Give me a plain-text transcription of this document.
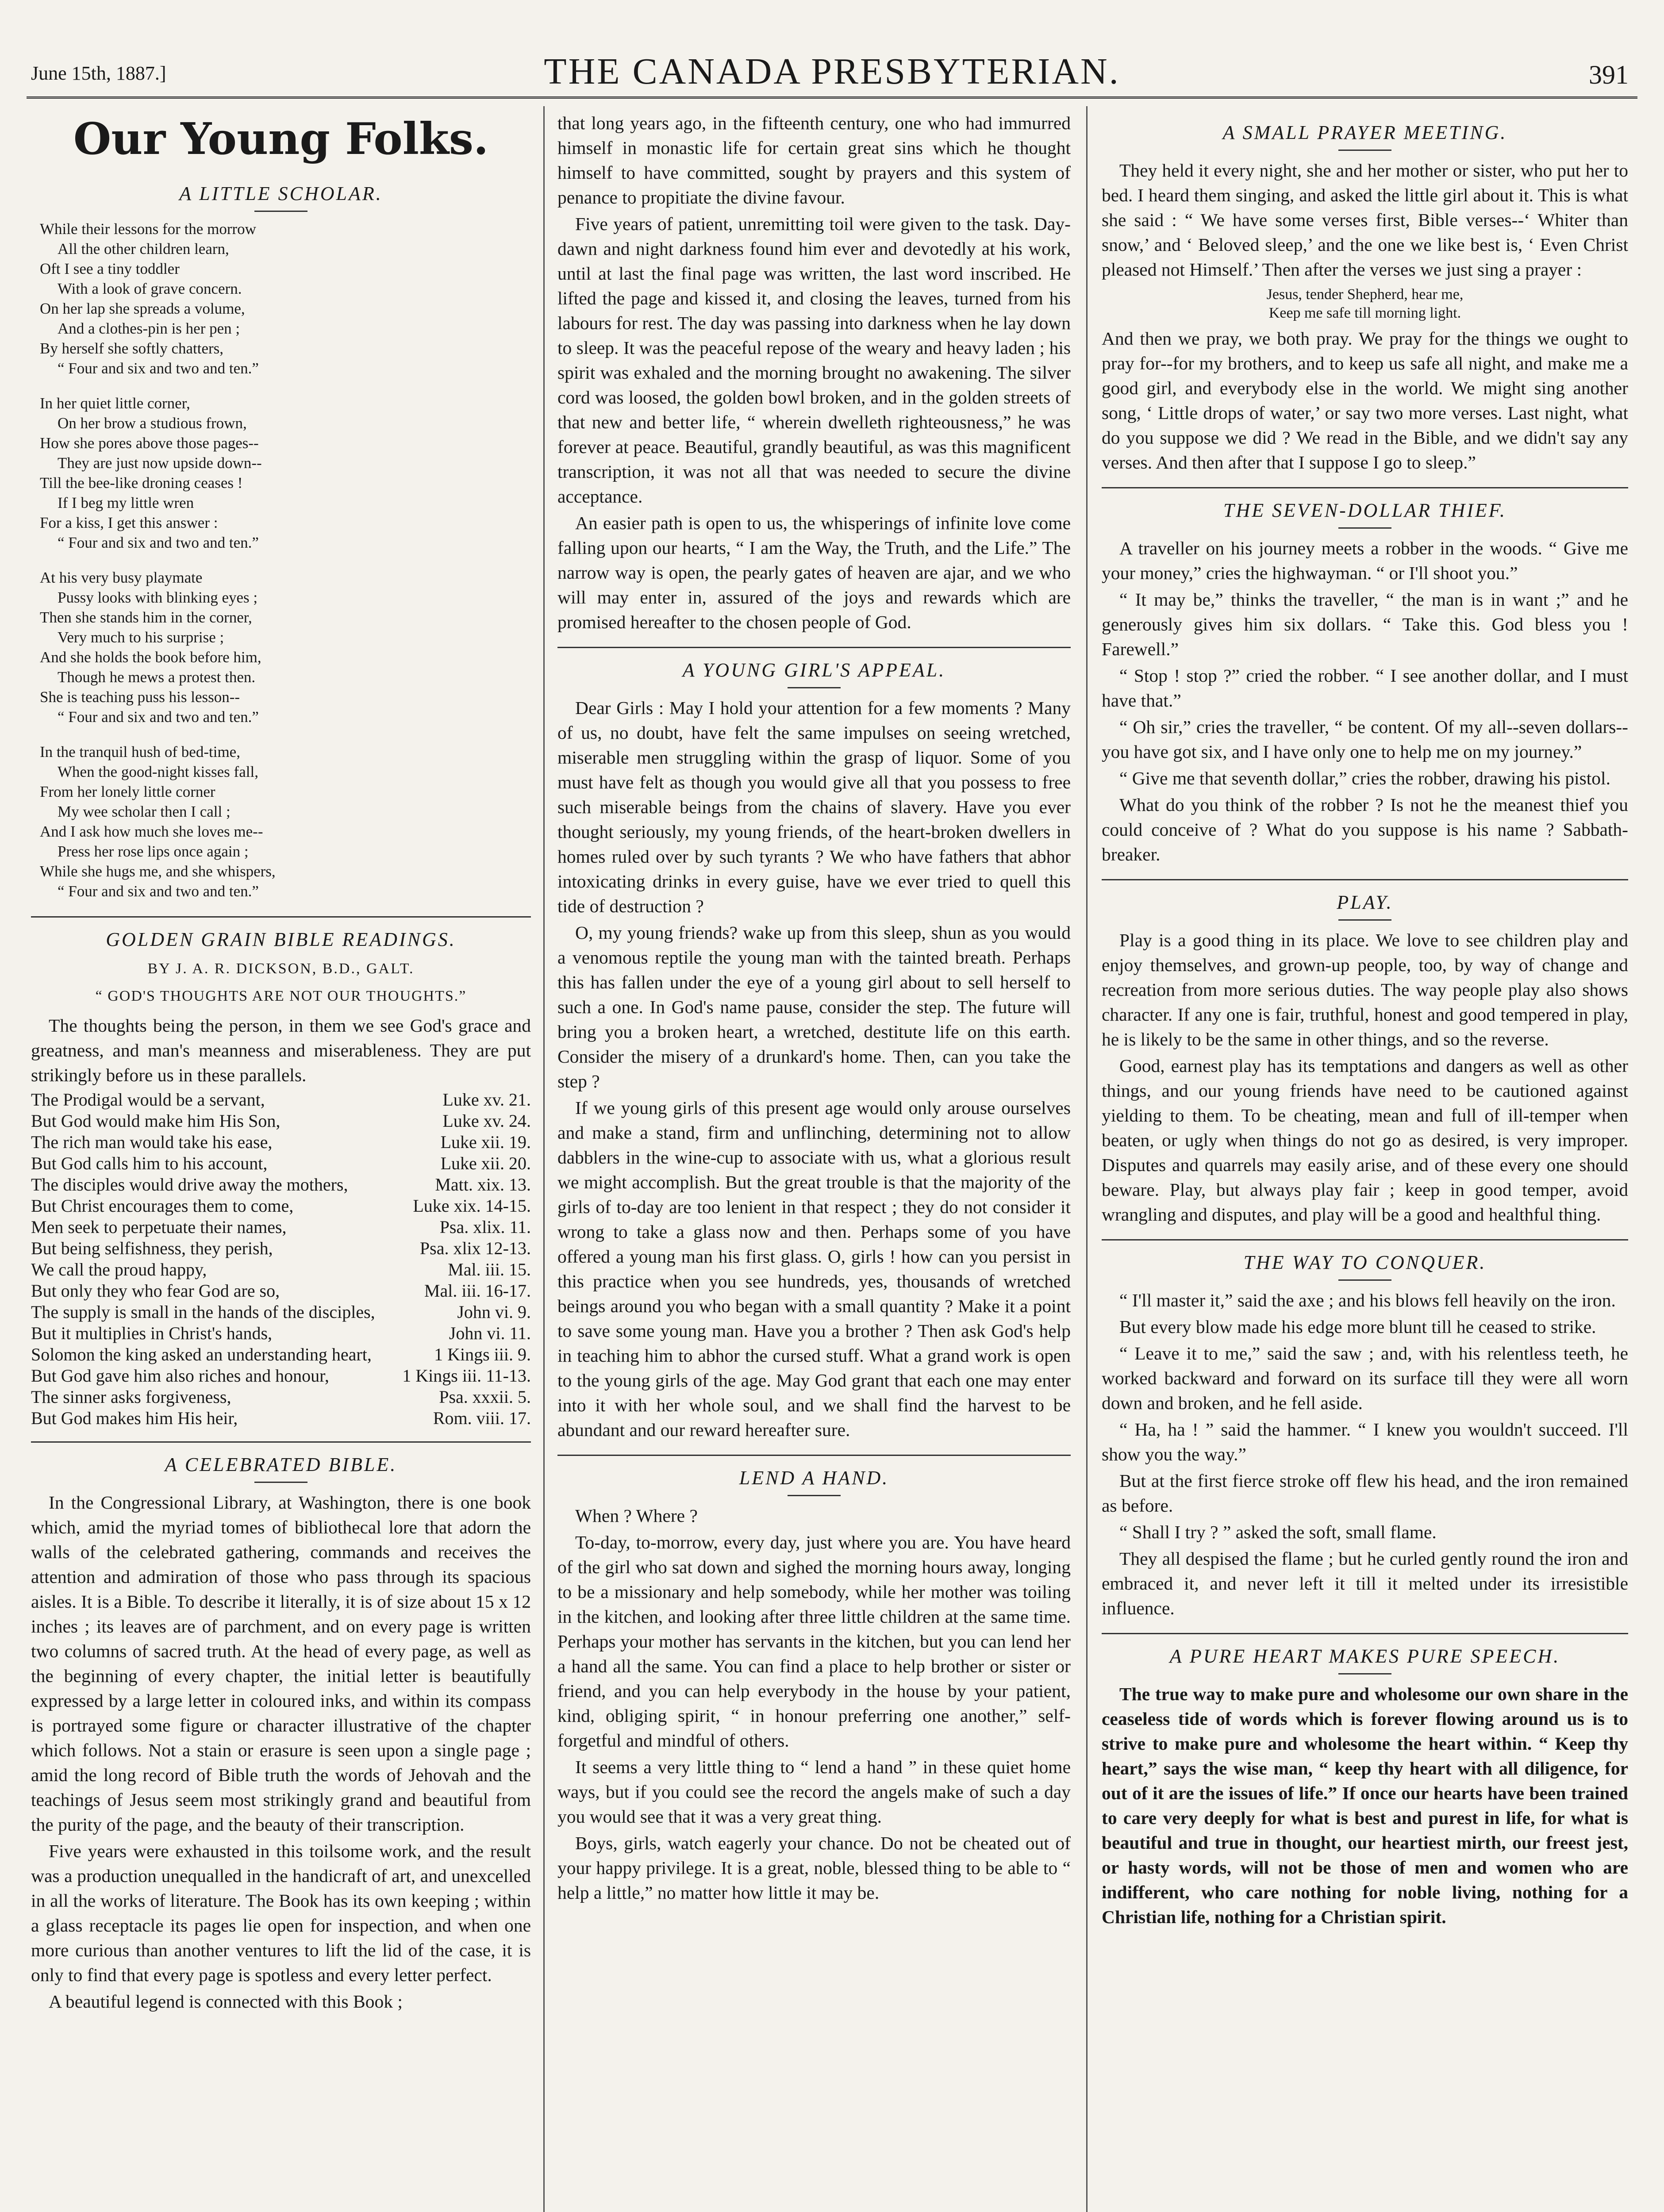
June 15th, 1887.]	THE CANADA PRESBYTERIAN.	391
Our Young Folks.
A LITTLE SCHOLAR.
While their lessons for the morrow
All the other children learn,
Oft I see a tiny toddler
With a look of grave concern.
On her lap she spreads a volume,
And a clothes-pin is her pen ;
By herself she softly chatters,
“ Four and six and two and ten.”
In her quiet little corner,
On her brow a studious frown,
How she pores above those pages--
They are just now upside down--
Till the bee-like droning ceases !
If I beg my little wren
For a kiss, I get this answer :
“ Four and six and two and ten.”
At his very busy playmate
Pussy looks with blinking eyes ;
Then she stands him in the corner,
Very much to his surprise ;
And she holds the book before him,
Though he mews a protest then.
She is teaching puss his lesson--
“ Four and six and two and ten.”
In the tranquil hush of bed-time,
When the good-night kisses fall,
From her lonely little corner
My wee scholar then I call ;
And I ask how much she loves me--
Press her rose lips once again ;
While she hugs me, and she whispers,
“ Four and six and two and ten.”
GOLDEN GRAIN BIBLE READINGS.
BY J. A. R. DICKSON, B.D., GALT.
“ GOD'S THOUGHTS ARE NOT OUR THOUGHTS.”

The thoughts being the person, in them we see God's grace and greatness, and man's meanness and miserableness. They are put strikingly before us in these parallels.

The Prodigal would be a servant,	Luke xv. 21.
But God would make him His Son,	Luke xv. 24.
The rich man would take his ease,	Luke xii. 19.
But God calls him to his account,	Luke xii. 20.
The disciples would drive away the mothers,	Matt. xix. 13.
But Christ encourages them to come,	Luke xix. 14-15.
Men seek to perpetuate their names,	Psa. xlix. 11.
But being selfishness, they perish,	Psa. xlix 12-13.
We call the proud happy,	Mal. iii. 15.
But only they who fear God are so,	Mal. iii. 16-17.
The supply is small in the hands of the disciples,	John vi. 9.
But it multiplies in Christ's hands,	John vi. 11.
Solomon the king asked an understanding heart,	1 Kings iii. 9.
But God gave him also riches and honour,	1 Kings iii. 11-13.
The sinner asks forgiveness,	Psa. xxxii. 5.
But God makes him His heir,	Rom. viii. 17.
A CELEBRATED BIBLE.

In the Congressional Library, at Washington, there is one book which, amid the myriad tomes of bibliothecal lore that adorn the walls of the celebrated gathering, commands and receives the attention and admiration of those who pass through its spacious aisles. It is a Bible. To describe it literally, it is of size about 15 x 12 inches ; its leaves are of parchment, and on every page is written two columns of sacred truth. At the head of every page, as well as the beginning of every chapter, the initial letter is beautifully expressed by a large letter in coloured inks, and within its compass is portrayed some figure or character illustrative of the chapter which follows. Not a stain or erasure is seen upon a single page ; amid the long record of Bible truth the words of Jehovah and the teachings of Jesus seem most strikingly grand and beautiful from the purity of the page, and the beauty of their transcription.

Five years were exhausted in this toilsome work, and the result was a production unequalled in the handicraft of art, and unexcelled in all the works of literature. The Book has its own keeping ; within a glass receptacle its pages lie open for inspection, and when one more curious than another ventures to lift the lid of the case, it is only to find that every page is spotless and every letter perfect.

A beautiful legend is connected with this Book ;

that long years ago, in the fifteenth century, one who had immurred himself in monastic life for certain great sins which he thought himself to have committed, sought by prayers and this system of penance to propitiate the divine favour.

Five years of patient, unremitting toil were given to the task. Day-dawn and night darkness found him ever and devotedly at his work, until at last the final page was written, the last word inscribed. He lifted the page and kissed it, and closing the leaves, turned from his labours for rest. The day was passing into darkness when he lay down to sleep. It was the peaceful repose of the weary and heavy laden ; his spirit was exhaled and the morning brought no awakening. The silver cord was loosed, the golden bowl broken, and in the golden streets of that new and better life, “ wherein dwelleth righteousness,” he was forever at peace. Beautiful, grandly beautiful, as was this magnificent transcription, it was not all that was needed to secure the divine acceptance.

An easier path is open to us, the whisperings of infinite love come falling upon our hearts, “ I am the Way, the Truth, and the Life.” The narrow way is open, the pearly gates of heaven are ajar, and we who will may enter in, assured of the joys and rewards which are promised hereafter to the chosen people of God.

A YOUNG GIRL'S APPEAL.

Dear Girls : May I hold your attention for a few moments ? Many of us, no doubt, have felt the same impulses on seeing wretched, miserable men struggling within the grasp of liquor. Some of you must have felt as though you would give all that you possess to free such miserable beings from the chains of slavery. Have you ever thought seriously, my young friends, of the heart-broken dwellers in homes ruled over by such tyrants ? We who have fathers that abhor intoxicating drinks in every guise, have we ever tried to quell this tide of destruction ?

O, my young friends? wake up from this sleep, shun as you would a venomous reptile the young man with the tainted breath. Perhaps this has fallen under the eye of a young girl about to sell herself to such a one. In God's name pause, consider the step. The future will bring you a broken heart, a wretched, destitute life on this earth. Consider the misery of a drunkard's home. Then, can you take the step ?

If we young girls of this present age would only arouse ourselves and make a stand, firm and unflinching, determining not to allow dabblers in the wine-cup to associate with us, what a glorious result we might accomplish. But the great trouble is that the majority of the girls of to-day are too lenient in that respect ; they do not consider it wrong to take a glass now and then. Perhaps some of you have offered a young man his first glass. O, girls ! how can you persist in this practice when you see hundreds, yes, thousands of wretched beings around you who began with a small quantity ? Make it a point to save some young man. Have you a brother ? Then ask God's help in teaching him to abhor the cursed stuff. What a grand work is open to the young girls of the age. May God grant that each one may enter into it with her whole soul, and we shall find the harvest to be abundant and our reward hereafter sure.

LEND A HAND.

When ? Where ?

To-day, to-morrow, every day, just where you are. You have heard of the girl who sat down and sighed the morning hours away, longing to be a missionary and help somebody, while her mother was toiling in the kitchen, and looking after three little children at the same time. Perhaps your mother has servants in the kitchen, but you can lend her a hand all the same. You can find a place to help brother or sister or friend, and you can help everybody in the house by your patient, kind, obliging spirit, “ in honour preferring one another,” self-forgetful and mindful of others.

It seems a very little thing to “ lend a hand ” in these quiet home ways, but if you could see the record the angels make of such a day you would see that it was a very great thing.

Boys, girls, watch eagerly your chance. Do not be cheated out of your happy privilege. It is a great, noble, blessed thing to be able to “ help a little,” no matter how little it may be.

A SMALL PRAYER MEETING.

They held it every night, she and her mother or sister, who put her to bed. I heard them singing, and asked the little girl about it. This is what she said : “ We have some verses first, Bible verses--‘ Whiter than snow,’ and ‘ Beloved sleep,’ and the one we like best is, ‘ Even Christ pleased not Himself.’ Then after the verses we just sing a prayer :

Jesus, tender Shepherd, hear me,
Keep me safe till morning light.

And then we pray, we both pray. We pray for the things we ought to pray for--for my brothers, and to keep us safe all night, and make me a good girl, and everybody else in the world. We might sing another song, ‘ Little drops of water,’ or say two more verses. Last night, what do you suppose we did ? We read in the Bible, and we didn't say any verses. And then after that I suppose I go to sleep.”

THE SEVEN-DOLLAR THIEF.

A traveller on his journey meets a robber in the woods. “ Give me your money,” cries the highwayman. “ or I'll shoot you.”

“ It may be,” thinks the traveller, “ the man is in want ;” and he generously gives him six dollars. “ Take this. God bless you ! Farewell.”

“ Stop ! stop ?” cried the robber. “ I see another dollar, and I must have that.”

“ Oh sir,” cries the traveller, “ be content. Of my all--seven dollars--you have got six, and I have only one to help me on my journey.”

“ Give me that seventh dollar,” cries the robber, drawing his pistol.

What do you think of the robber ? Is not he the meanest thief you could conceive of ? What do you suppose is his name ? Sabbath-breaker.

PLAY.

Play is a good thing in its place. We love to see children play and enjoy themselves, and grown-up people, too, by way of change and recreation from more serious duties. The way people play also shows character. If any one is fair, truthful, honest and good tempered in play, he is likely to be the same in other things, and so the reverse.

Good, earnest play has its temptations and dangers as well as other things, and our young friends have need to be cautioned against yielding to them. To be cheating, mean and full of ill-temper when beaten, or ugly when things do not go as desired, is very improper. Disputes and quarrels may easily arise, and of these every one should beware. Play, but always play fair ; keep in good temper, avoid wrangling and disputes, and play will be a good and healthful thing.

THE WAY TO CONQUER.

“ I'll master it,” said the axe ; and his blows fell heavily on the iron.

But every blow made his edge more blunt till he ceased to strike.

“ Leave it to me,” said the saw ; and, with his relentless teeth, he worked backward and forward on its surface till they were all worn down and broken, and he fell aside.

“ Ha, ha ! ” said the hammer. “ I knew you wouldn't succeed. I'll show you the way.”

But at the first fierce stroke off flew his head, and the iron remained as before.

“ Shall I try ? ” asked the soft, small flame.

They all despised the flame ; but he curled gently round the iron and embraced it, and never left it till it melted under its irresistible influence.

A PURE HEART MAKES PURE SPEECH.

The true way to make pure and wholesome our own share in the ceaseless tide of words which is forever flowing around us is to strive to make pure and wholesome the heart within. “ Keep thy heart,” says the wise man, “ keep thy heart with all diligence, for out of it are the issues of life.” If once our hearts have been trained to care very deeply for what is best and purest in life, for what is beautiful and true in thought, our heartiest mirth, our freest jest, or hasty words, will not be those of men and women who are indifferent, who care nothing for noble living, nothing for a Christian life, nothing for a Christian spirit.
